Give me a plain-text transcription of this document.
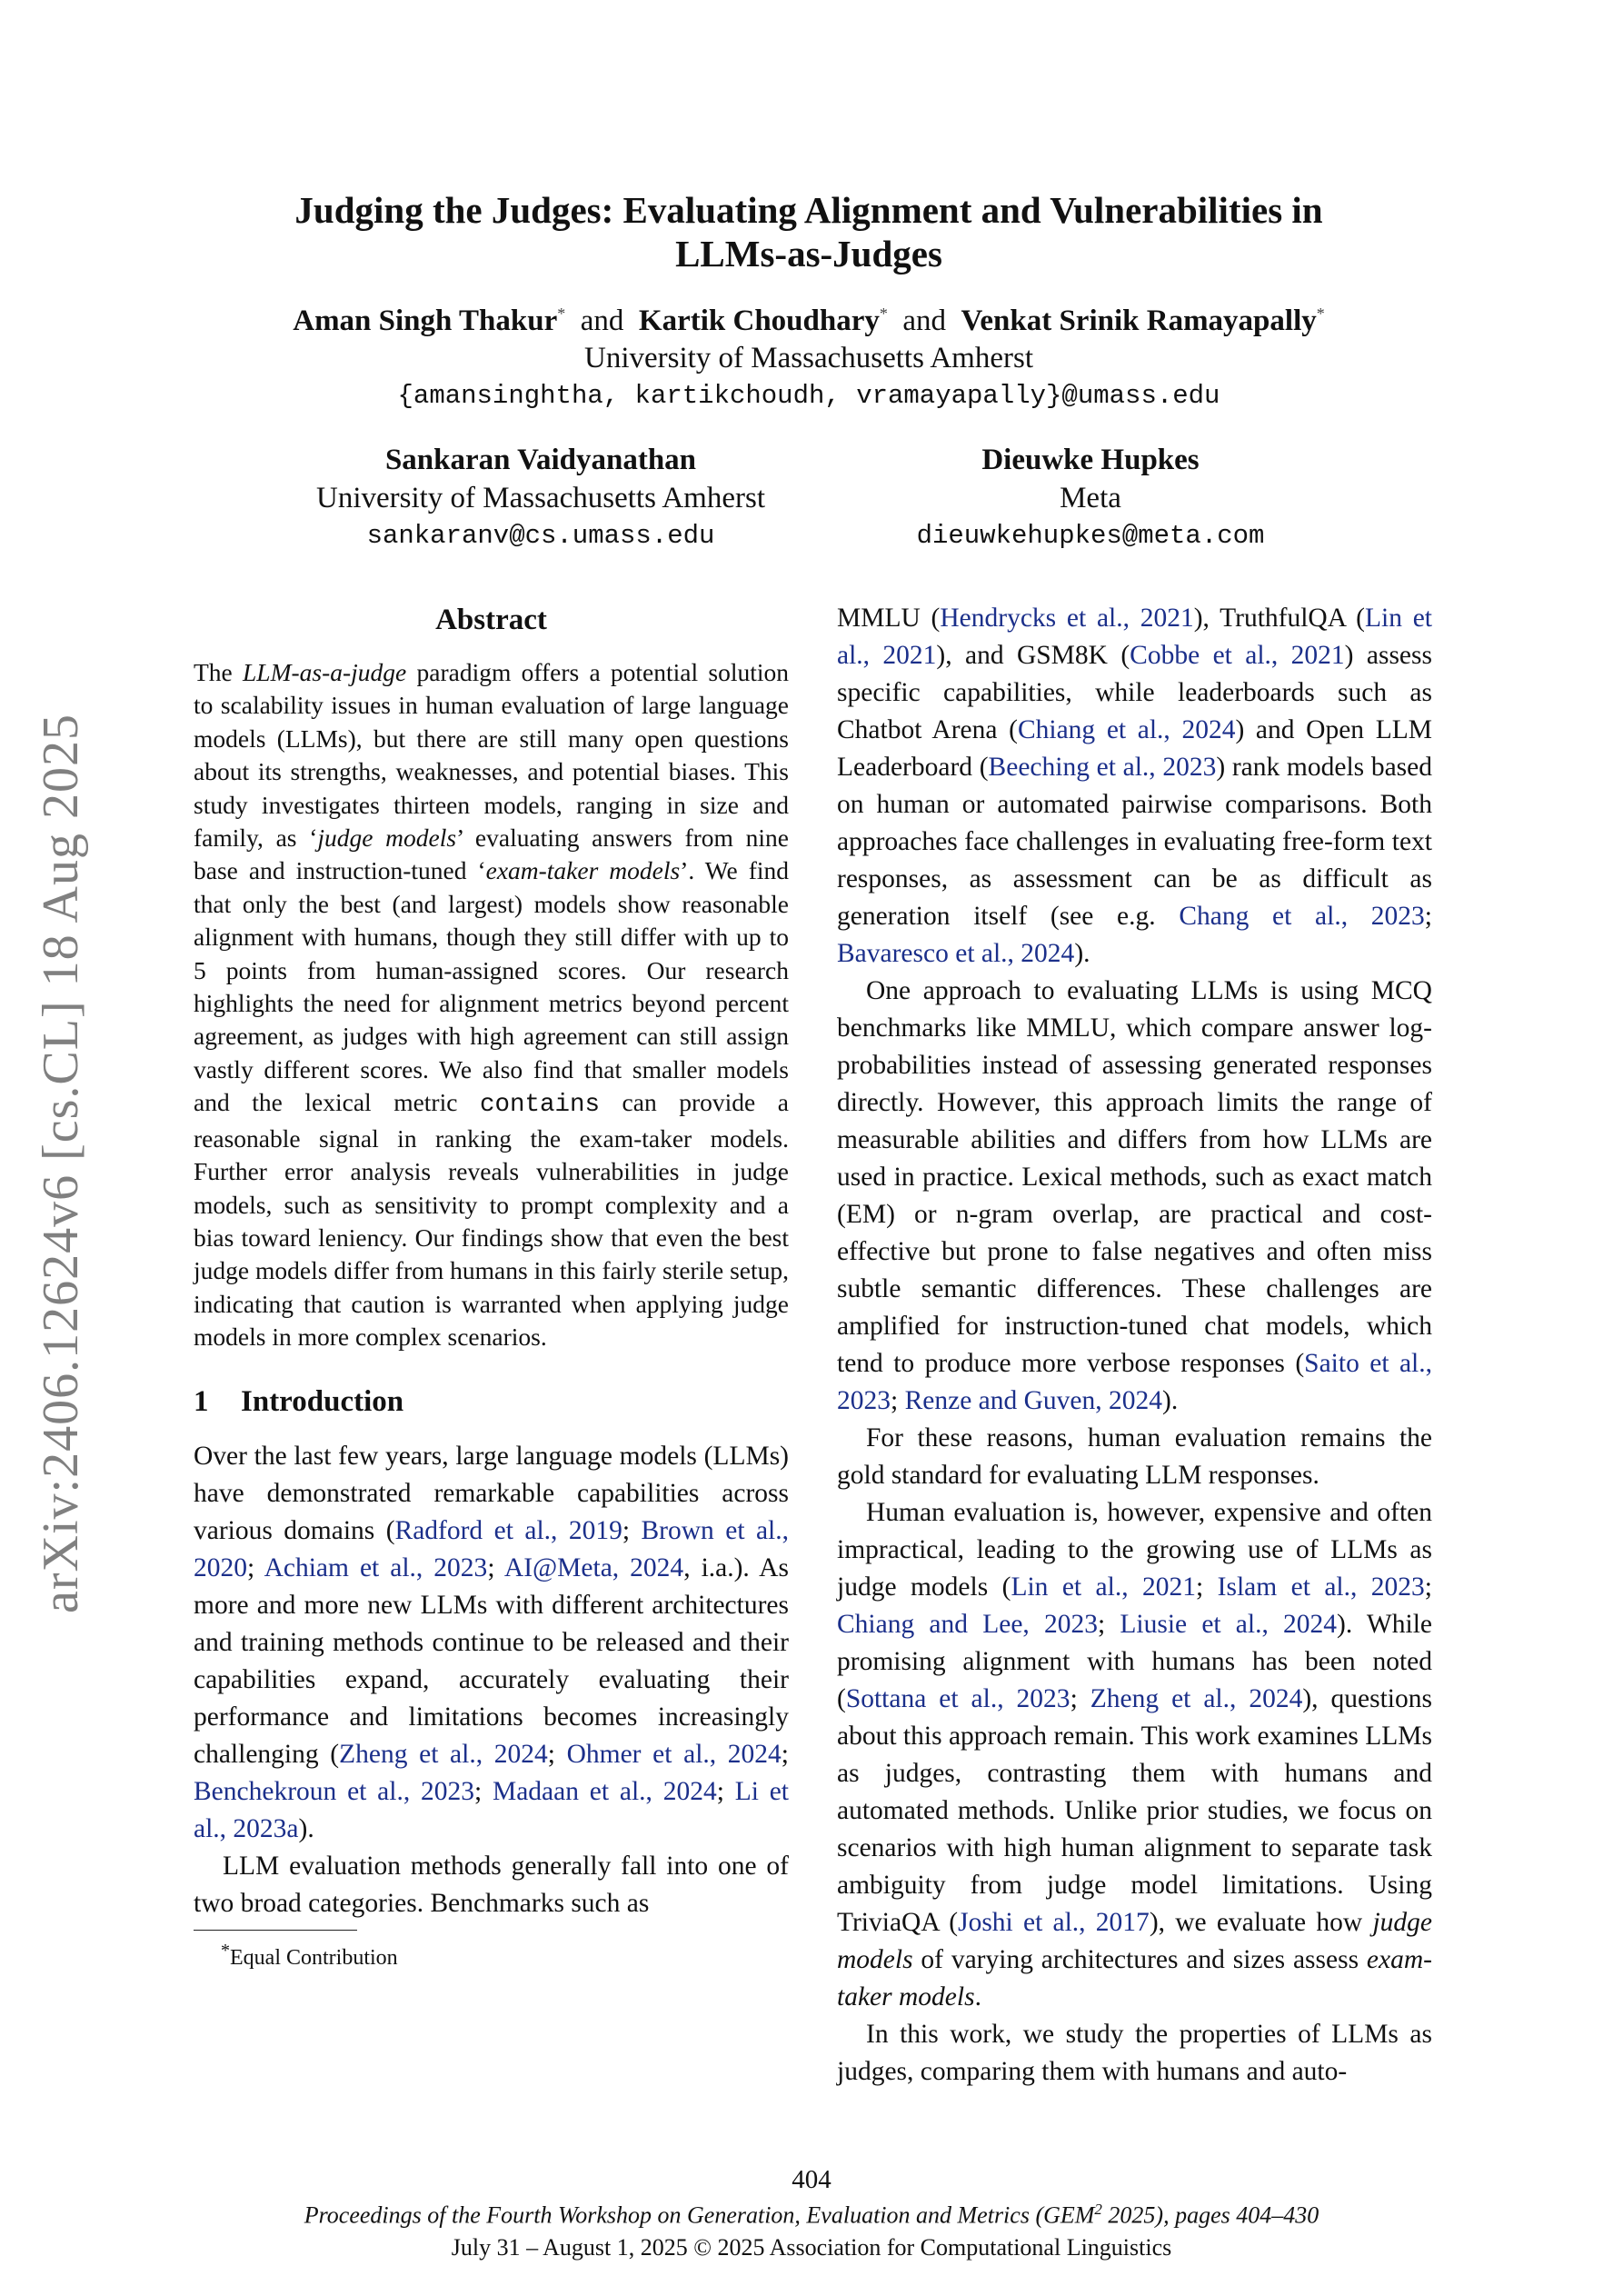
arXiv:2406.12624v6 [cs.CL] 18 Aug 2025
Judging the Judges: Evaluating Alignment and Vulnerabilities in
LLMs-as-Judges
Aman Singh Thakur* and Kartik Choudhary* and Venkat Srinik Ramayapally*
University of Massachusetts Amherst
{amansinghtha, kartikchoudh, vramayapally}@umass.edu
Sankaran Vaidyanathan
University of Massachusetts Amherst
sankaranv@cs.umass.edu
Dieuwke Hupkes
Meta
dieuwkehupkes@meta.com
Abstract

The LLM-as-a-judge paradigm offers a potential solution to scalability issues in human evaluation of large language models (LLMs), but there are still many open questions about its strengths, weaknesses, and potential biases. This study investigates thirteen models, ranging in size and family, as ‘judge models’ evaluating answers from nine base and instruction-tuned ‘exam-taker models’. We find that only the best (and largest) models show reasonable alignment with humans, though they still differ with up to 5 points from human-assigned scores. Our research highlights the need for alignment metrics beyond percent agreement, as judges with high agreement can still assign vastly different scores. We also find that smaller models and the lexical metric contains can provide a reasonable signal in ranking the exam-taker models. Further error analysis reveals vulnerabilities in judge models, such as sensitivity to prompt complexity and a bias toward leniency. Our findings show that even the best judge models differ from humans in this fairly sterile setup, indicating that caution is warranted when applying judge models in more complex scenarios.

1 Introduction

Over the last few years, large language models (LLMs) have demonstrated remarkable capabilities across various domains (Radford et al., 2019; Brown et al., 2020; Achiam et al., 2023; AI@Meta, 2024, i.a.). As more and more new LLMs with different architectures and training methods continue to be released and their capabilities expand, accurately evaluating their performance and limitations becomes increasingly challenging (Zheng et al., 2024; Ohmer et al., 2024; Benchekroun et al., 2023; Madaan et al., 2024; Li et al., 2023a).

LLM evaluation methods generally fall into one of two broad categories. Benchmarks such as

*Equal Contribution

MMLU (Hendrycks et al., 2021), TruthfulQA (Lin et al., 2021), and GSM8K (Cobbe et al., 2021) assess specific capabilities, while leaderboards such as Chatbot Arena (Chiang et al., 2024) and Open LLM Leaderboard (Beeching et al., 2023) rank models based on human or automated pairwise comparisons. Both approaches face challenges in evaluating free-form text responses, as assessment can be as difficult as generation itself (see e.g. Chang et al., 2023; Bavaresco et al., 2024).

One approach to evaluating LLMs is using MCQ benchmarks like MMLU, which compare answer log-probabilities instead of assessing generated responses directly. However, this approach limits the range of measurable abilities and differs from how LLMs are used in practice. Lexical methods, such as exact match (EM) or n-gram overlap, are practical and cost-effective but prone to false negatives and often miss subtle semantic differences. These challenges are amplified for instruction-tuned chat models, which tend to produce more verbose responses (Saito et al., 2023; Renze and Guven, 2024).

For these reasons, human evaluation remains the gold standard for evaluating LLM responses.

Human evaluation is, however, expensive and often impractical, leading to the growing use of LLMs as judge models (Lin et al., 2021; Islam et al., 2023; Chiang and Lee, 2023; Liusie et al., 2024). While promising alignment with humans has been noted (Sottana et al., 2023; Zheng et al., 2024), questions about this approach remain. This work examines LLMs as judges, contrasting them with humans and automated methods. Unlike prior studies, we focus on scenarios with high human alignment to separate task ambiguity from judge model limitations. Using TriviaQA (Joshi et al., 2017), we evaluate how judge models of varying architectures and sizes assess exam-taker models.

In this work, we study the properties of LLMs as judges, comparing them with humans and auto-

404
Proceedings of the Fourth Workshop on Generation, Evaluation and Metrics (GEM$^2$ 2025), pages 404–430
July 31 – August 1, 2025 © 2025 Association for Computational Linguistics
